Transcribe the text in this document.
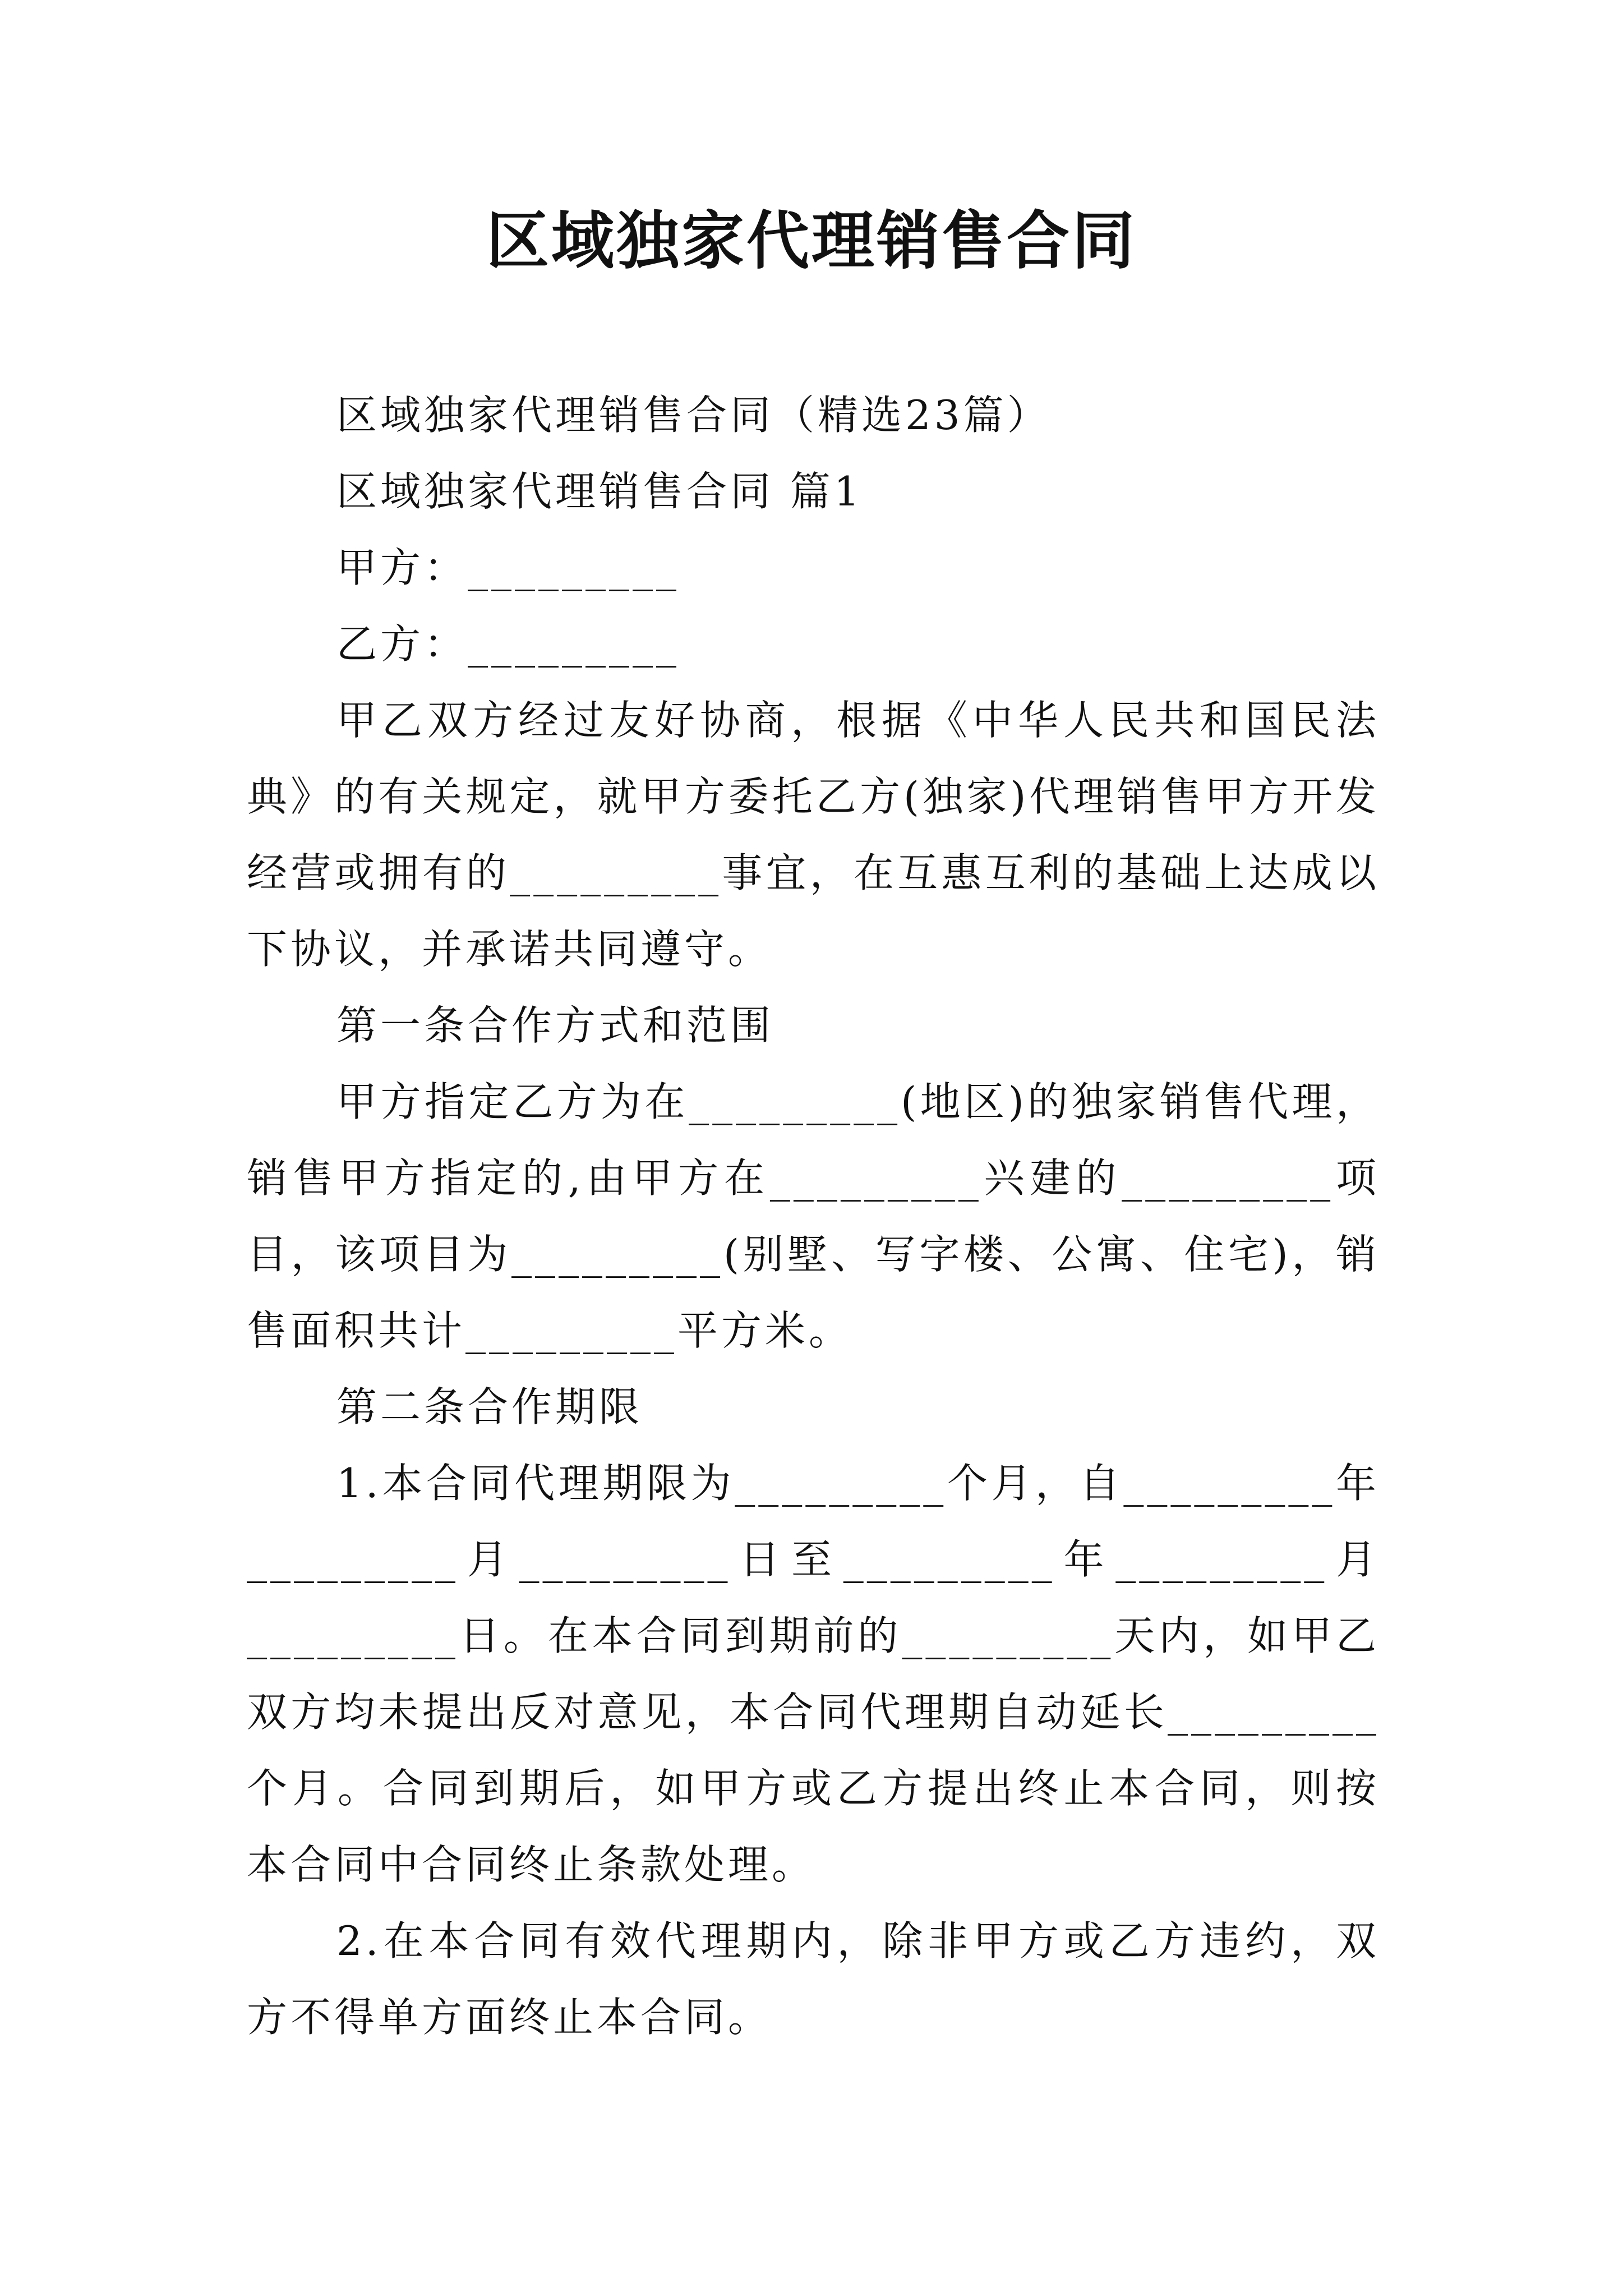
区域独家代理销售合同

区域独家代理销售合同（精选23篇）

区域独家代理销售合同 篇1

甲方：_________

乙方：_________

甲乙双方经过友好协商，根据《中华人民共和国民法典》的有关规定，就甲方委托乙方(独家)代理销售甲方开发经营或拥有的_________事宜，在互惠互利的基础上达成以下协议，并承诺共同遵守。

第一条合作方式和范围

甲方指定乙方为在_________(地区)的独家销售代理，销售甲方指定的,由甲方在_________兴建的_________项目，该项目为_________(别墅、写字楼、公寓、住宅)，销售面积共计_________平方米。

第二条合作期限

1.本合同代理期限为_________个月，自_________年_________月_________日至_________年_________月_________日。在本合同到期前的_________天内，如甲乙双方均未提出反对意见，本合同代理期自动延长_________个月。合同到期后，如甲方或乙方提出终止本合同，则按本合同中合同终止条款处理。

2.在本合同有效代理期内，除非甲方或乙方违约，双方不得单方面终止本合同。
